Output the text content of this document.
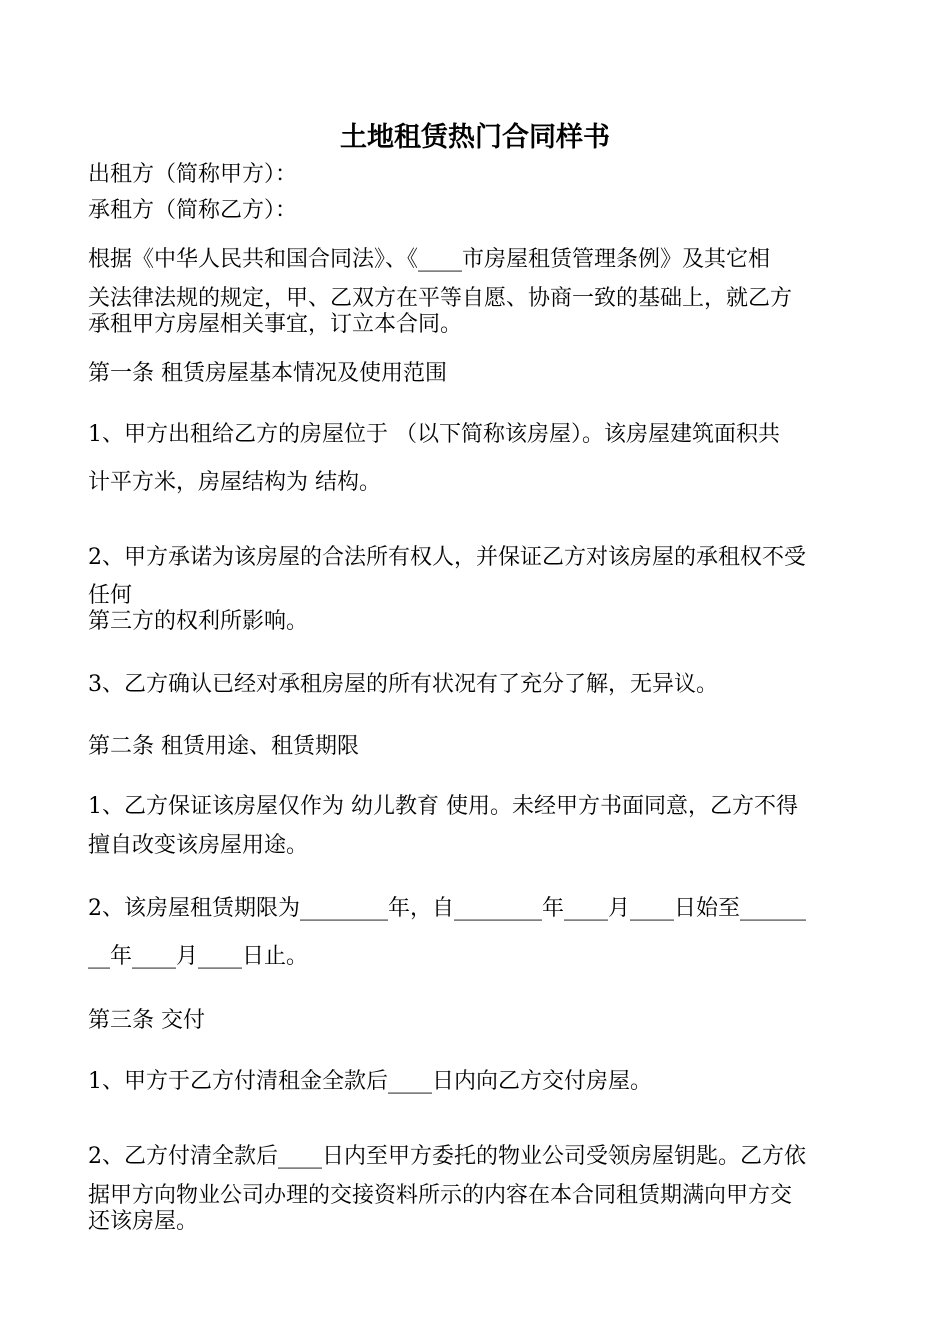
土地租赁热门合同样书

出租方（简称甲方）：

承租方（简称乙方）：

根据《中华人民共和国合同法》、《____市房屋租赁管理条例》及其它相

关法律法规的规定，甲、乙双方在平等自愿、协商一致的基础上，就乙方

承租甲方房屋相关事宜，订立本合同。

第一条 租赁房屋基本情况及使用范围

1、甲方出租给乙方的房屋位于 （以下简称该房屋）。该房屋建筑面积共

计平方米，房屋结构为 结构。

2、甲方承诺为该房屋的合法所有权人，并保证乙方对该房屋的承租权不受

任何

第三方的权利所影响。

3、乙方确认已经对承租房屋的所有状况有了充分了解，无异议。

第二条 租赁用途、租赁期限

1、乙方保证该房屋仅作为 幼儿教育 使用。未经甲方书面同意，乙方不得

擅自改变该房屋用途。

2、该房屋租赁期限为________年，自________年____月____日始至______

__年____月____日止。

第三条 交付

1、甲方于乙方付清租金全款后____日内向乙方交付房屋。

2、乙方付清全款后____日内至甲方委托的物业公司受领房屋钥匙。乙方依

据甲方向物业公司办理的交接资料所示的内容在本合同租赁期满向甲方交

还该房屋。
